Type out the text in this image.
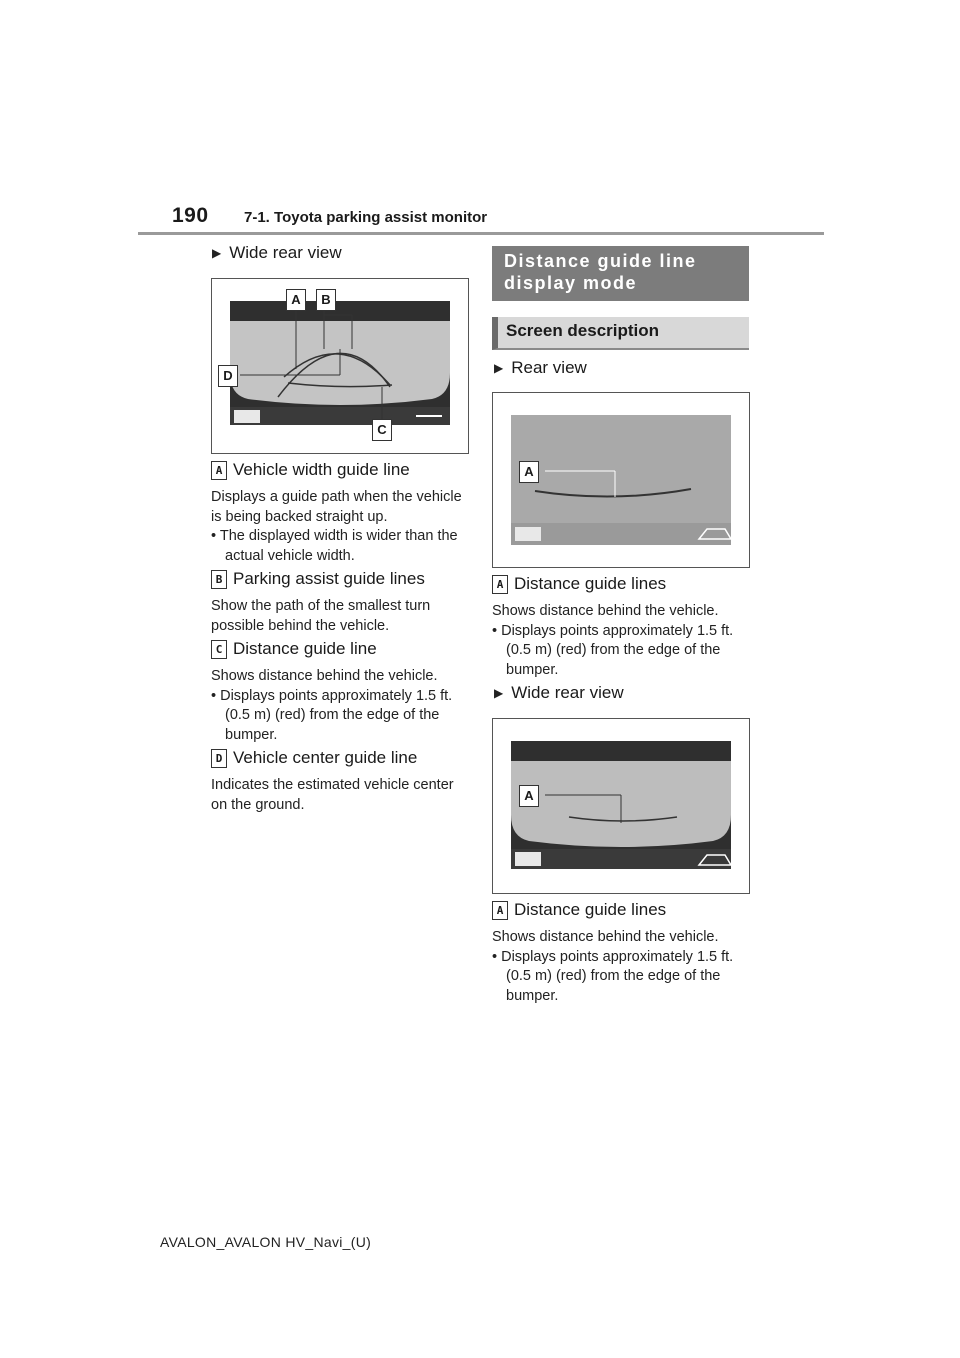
190 7-1. Toyota parking assist monitor
▶ Wide rear view
A	B
C
D
A Vehicle width guide line
Displays a guide path when the vehicle is being backed straight up.
• The displayed width is wider than the actual vehicle width.
B Parking assist guide lines
Show the path of the smallest turn possible behind the vehicle.
C Distance guide line
Shows distance behind the vehicle.
• Displays points approximately 1.5 ft. (0.5 m) (red) from the edge of the bumper.
D Vehicle center guide line
Indicates the estimated vehicle center on the ground.
Distance guide line display mode
Screen description
▶ Rear view
A
A Distance guide lines
Shows distance behind the vehicle.
• Displays points approximately 1.5 ft. (0.5 m) (red) from the edge of the bumper.
▶ Wide rear view
A
A Distance guide lines
Shows distance behind the vehicle.
• Displays points approximately 1.5 ft. (0.5 m) (red) from the edge of the bumper.
AVALON_AVALON HV_Navi_(U)
